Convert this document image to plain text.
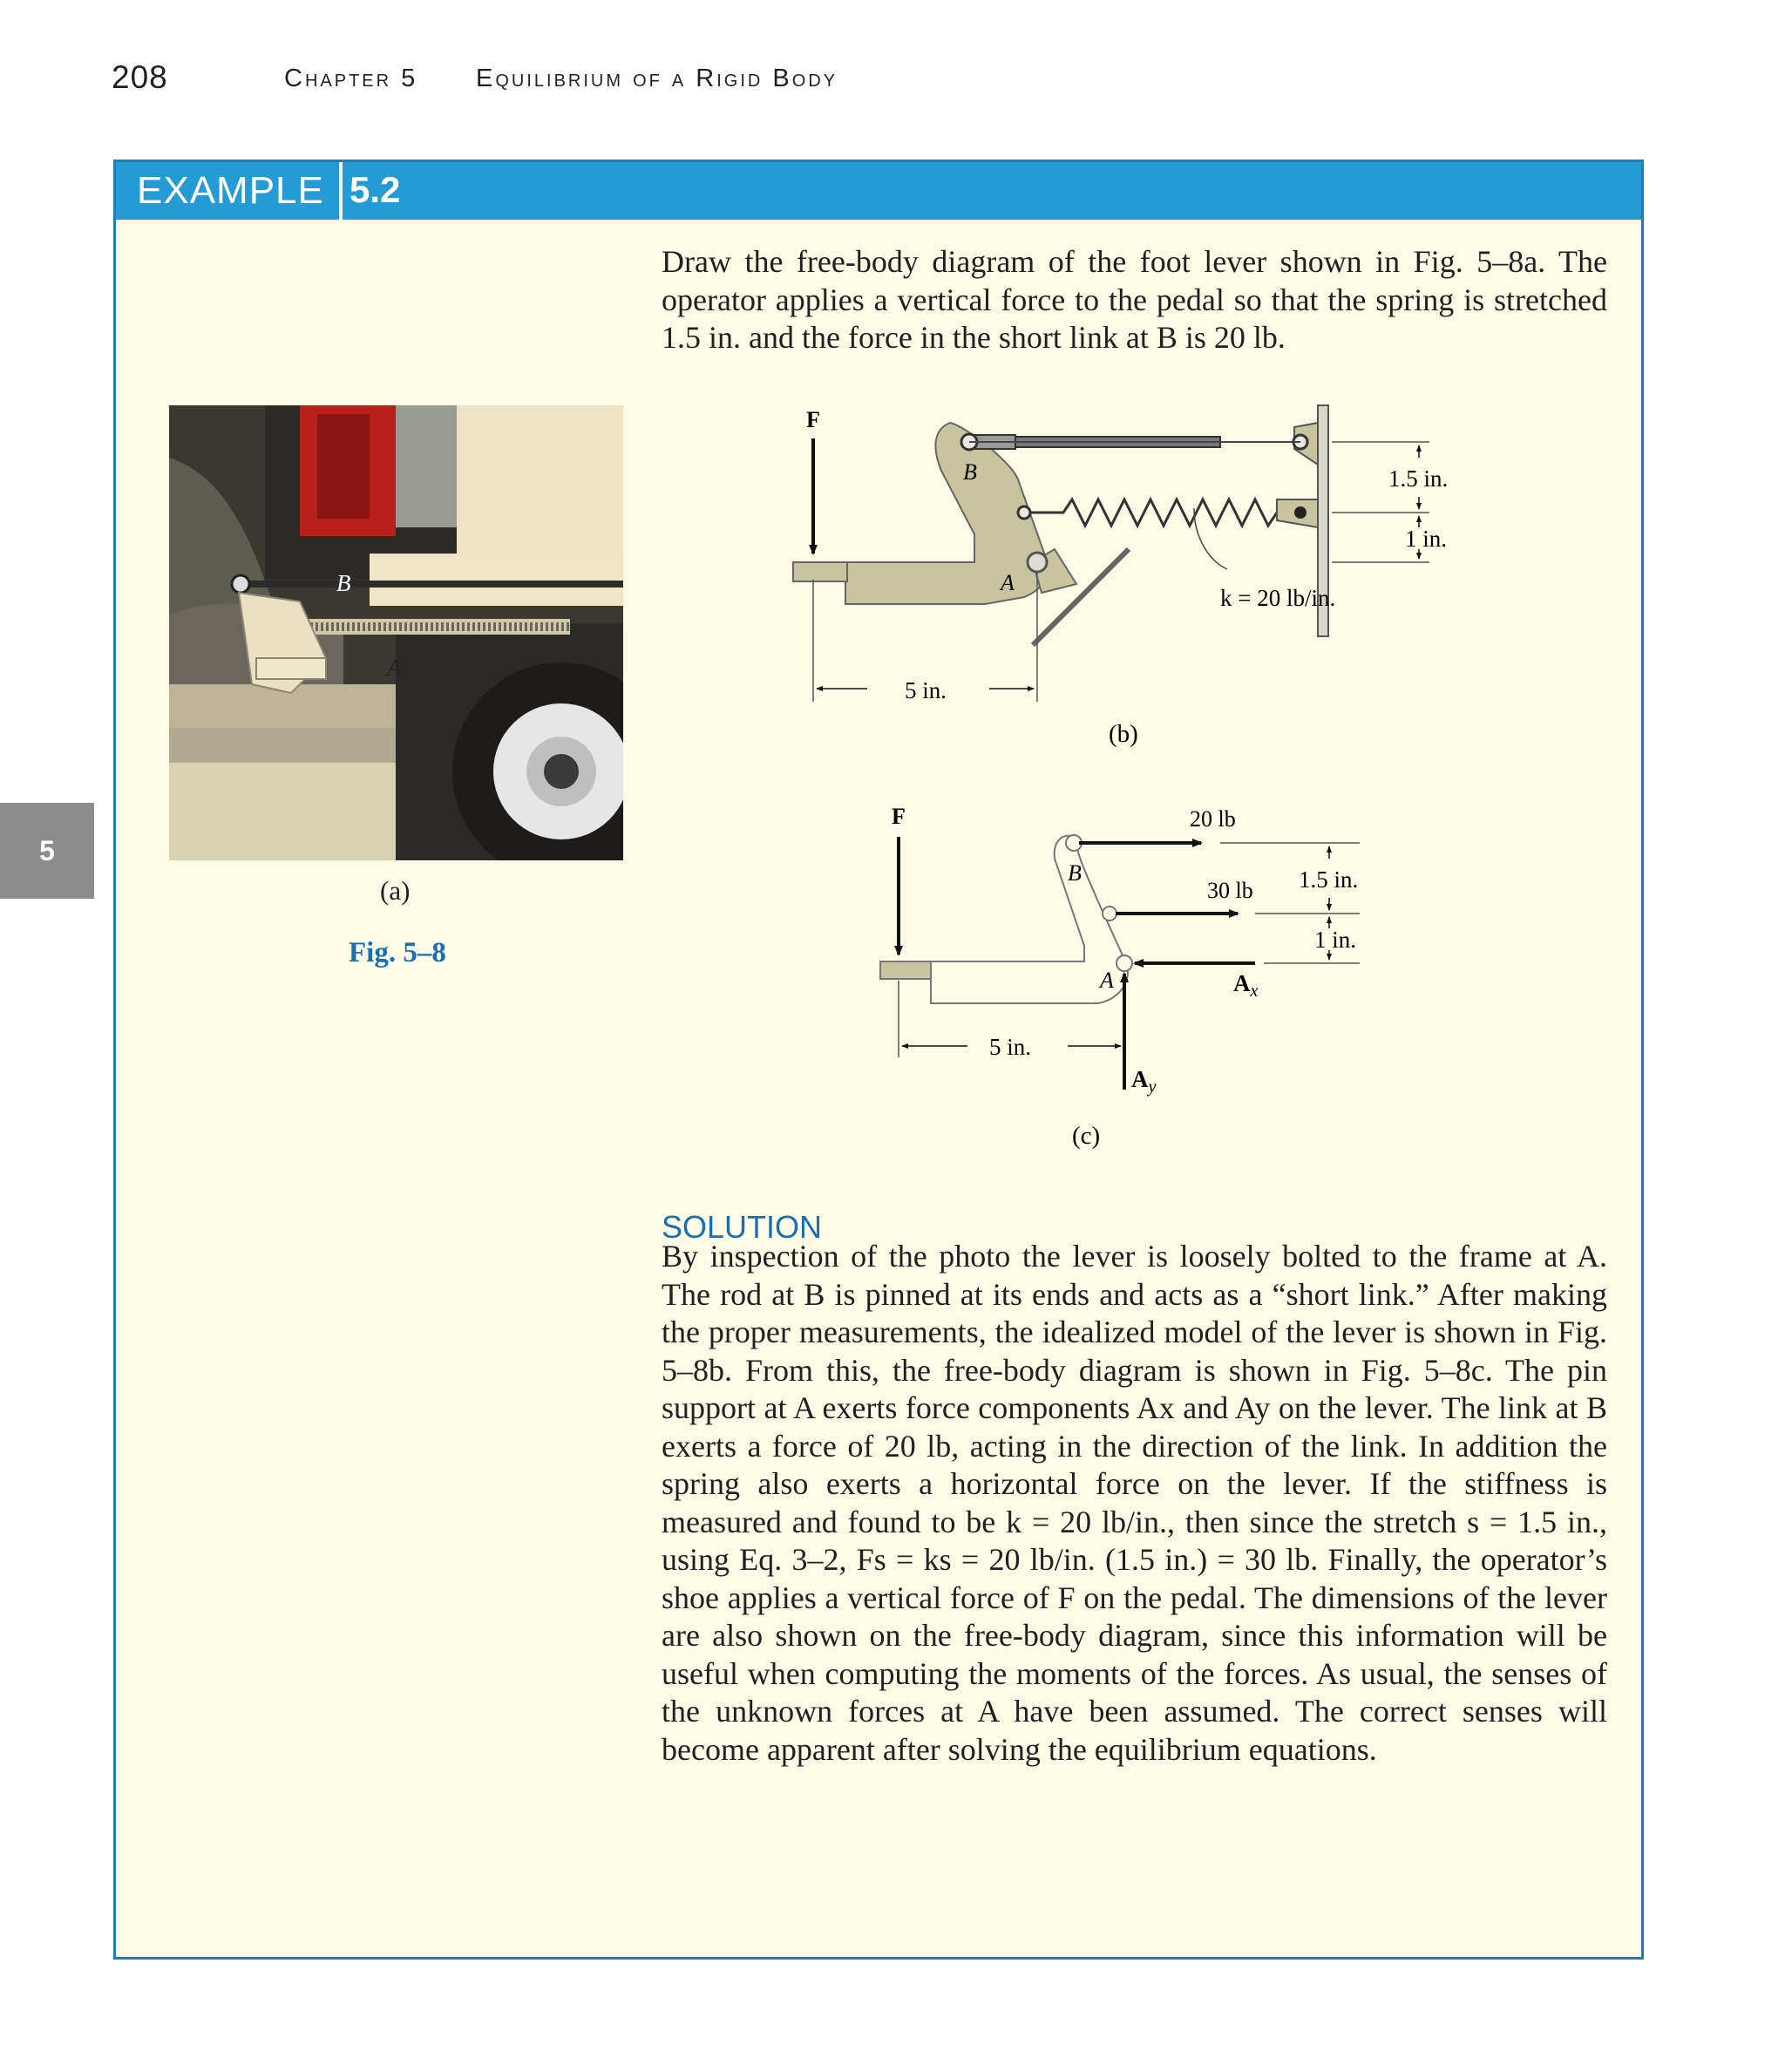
208	Chapter 5 Equilibrium of a Rigid Body
5
EXAMPLE 5.2

Draw the free-body diagram of the foot lever shown in Fig. 5–8a. The operator applies a vertical force to the pedal so that the spring is stretched 1.5 in. and the force in the short link at B is 20 lb.

B
A
(a)
Fig. 5–8
F
B
A
1.5 in.
1 in.
k = 20 lb/in.
5 in.
(b)
F	20 lb
30 lb
$A_x$
$A_y$
B
A
1.5 in.
1 in.
5 in.
(c)
SOLUTION

By inspection of the photo the lever is loosely bolted to the frame at A. The rod at B is pinned at its ends and acts as a “short link.” After making the proper measurements, the idealized model of the lever is shown in Fig. 5–8b. From this, the free-body diagram is shown in Fig. 5–8c. The pin support at A exerts force components Ax and Ay on the lever. The link at B exerts a force of 20 lb, acting in the direction of the link. In addition the spring also exerts a horizontal force on the lever. If the stiffness is measured and found to be k = 20 lb/in., then since the stretch s = 1.5 in., using Eq. 3–2, Fs = ks = 20 lb/in. (1.5 in.) = 30 lb. Finally, the operator’s shoe applies a vertical force of F on the pedal. The dimensions of the lever are also shown on the free-body diagram, since this information will be useful when computing the moments of the forces. As usual, the senses of the unknown forces at A have been assumed. The correct senses will become apparent after solving the equilibrium equations.
